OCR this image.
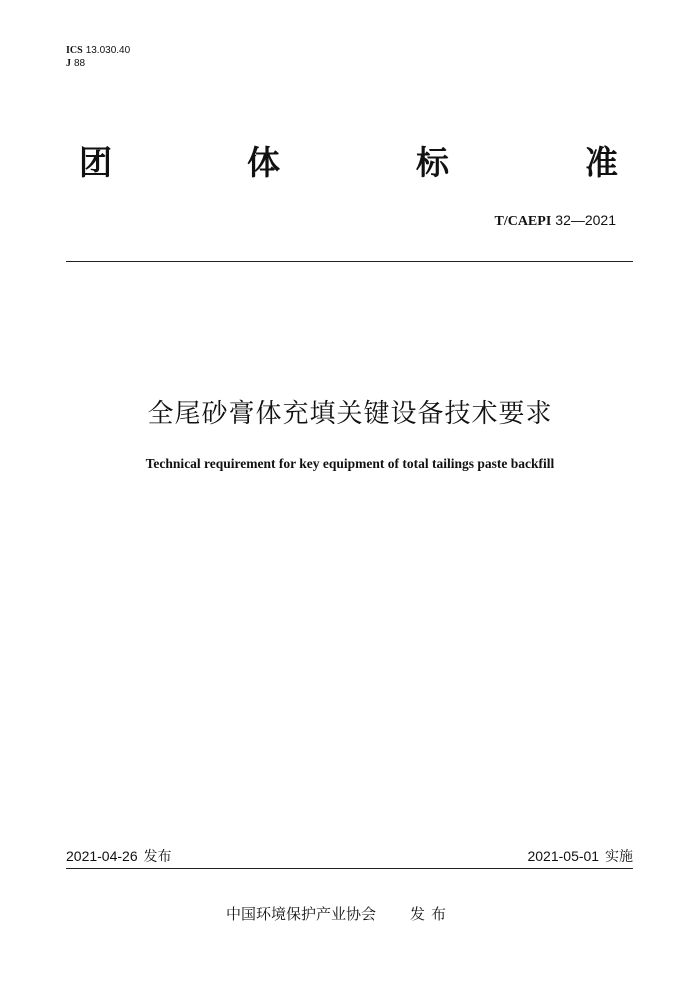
ICS 13.030.40
J 88
团	体	标	准
T/CAEPI 32—2021
全尾砂膏体充填关键设备技术要求
Technical requirement for key equipment of total tailings paste backfill
2021-04-26 发布	2021-05-01 实施
中国环境保护产业协会 发布
